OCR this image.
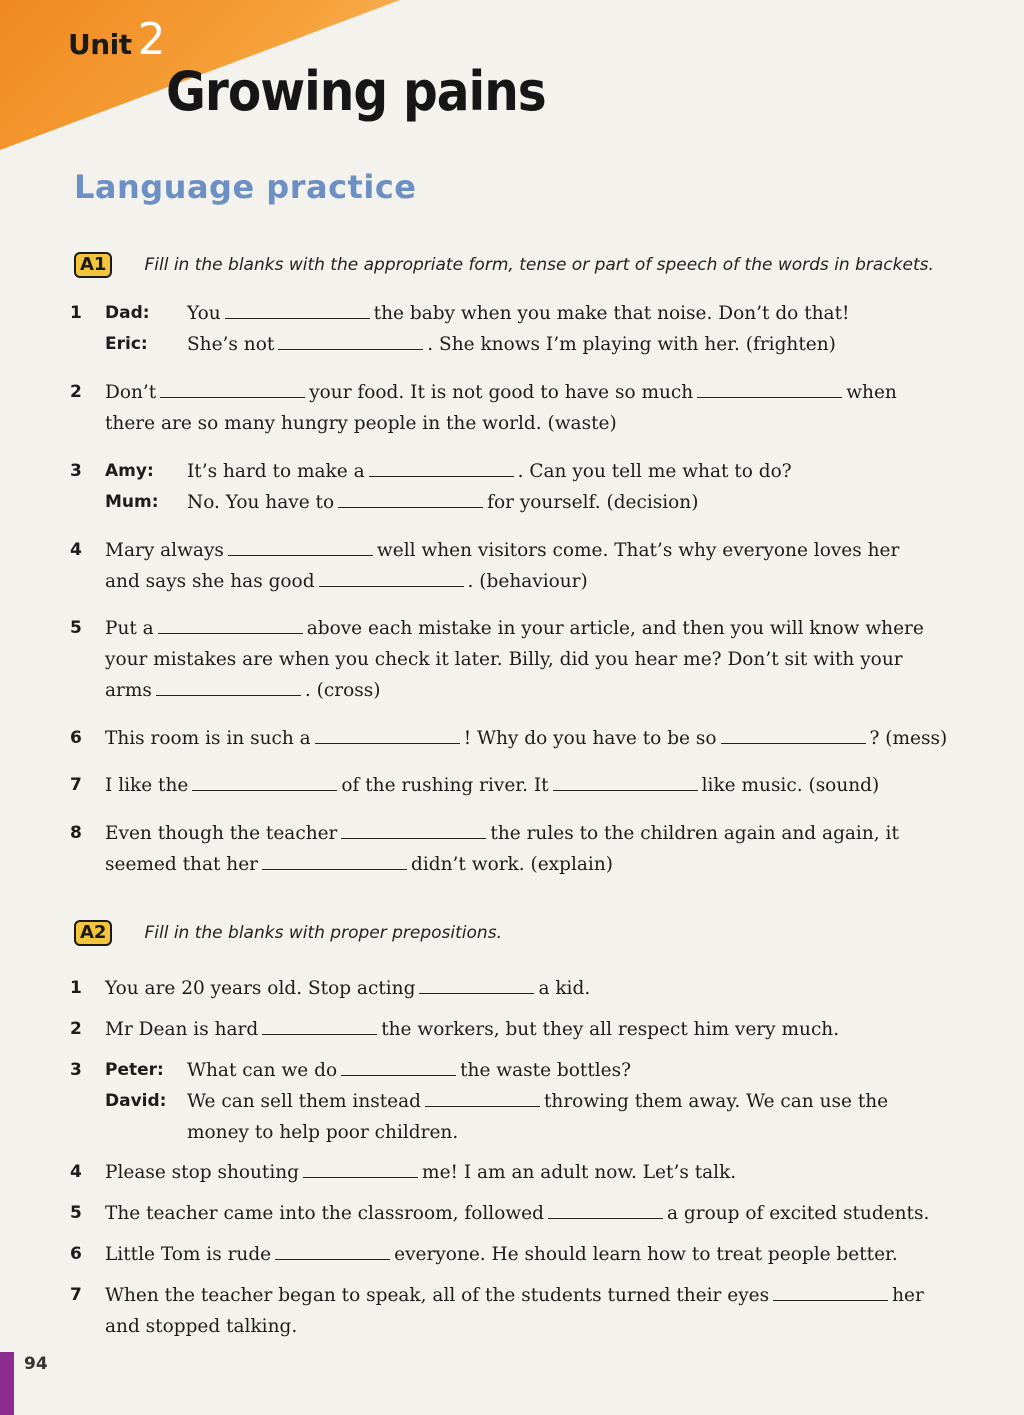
Unit 2
Growing pains
Language practice
A1	Fill in the blanks with the appropriate form, tense or part of speech of the words in brackets.
1	Dad:	You	the baby when you make that noise. Don’t do that!
Eric:	She’s not	. She knows I’m playing with her. (frighten)
2	Don’t	your food. It is not good to have so much	when
there are so many hungry people in the world. (waste)
3	Amy:	It’s hard to make a	. Can you tell me what to do?
Mum:	No. You have to	for yourself. (decision)
4	Mary always	well when visitors come. That’s why everyone loves her
and says she has good	. (behaviour)
5	Put a	above each mistake in your article, and then you will know where
your mistakes are when you check it later. Billy, did you hear me? Don’t sit with your
arms	. (cross)
6	This room is in such a	! Why do you have to be so	? (mess)
7	I like the	of the rushing river. It	like music. (sound)
8	Even though the teacher	the rules to the children again and again, it
seemed that her	didn’t work. (explain)
A2	Fill in the blanks with proper prepositions.
1	You are 20 years old. Stop acting	a kid.
2	Mr Dean is hard	the workers, but they all respect him very much.
3	Peter:	What can we do	the waste bottles?
David:	We can sell them instead	throwing them away. We can use the
money to help poor children.
4	Please stop shouting	me! I am an adult now. Let’s talk.
5	The teacher came into the classroom, followed	a group of excited students.
6	Little Tom is rude	everyone. He should learn how to treat people better.
7	When the teacher began to speak, all of the students turned their eyes	her
and stopped talking.
94
